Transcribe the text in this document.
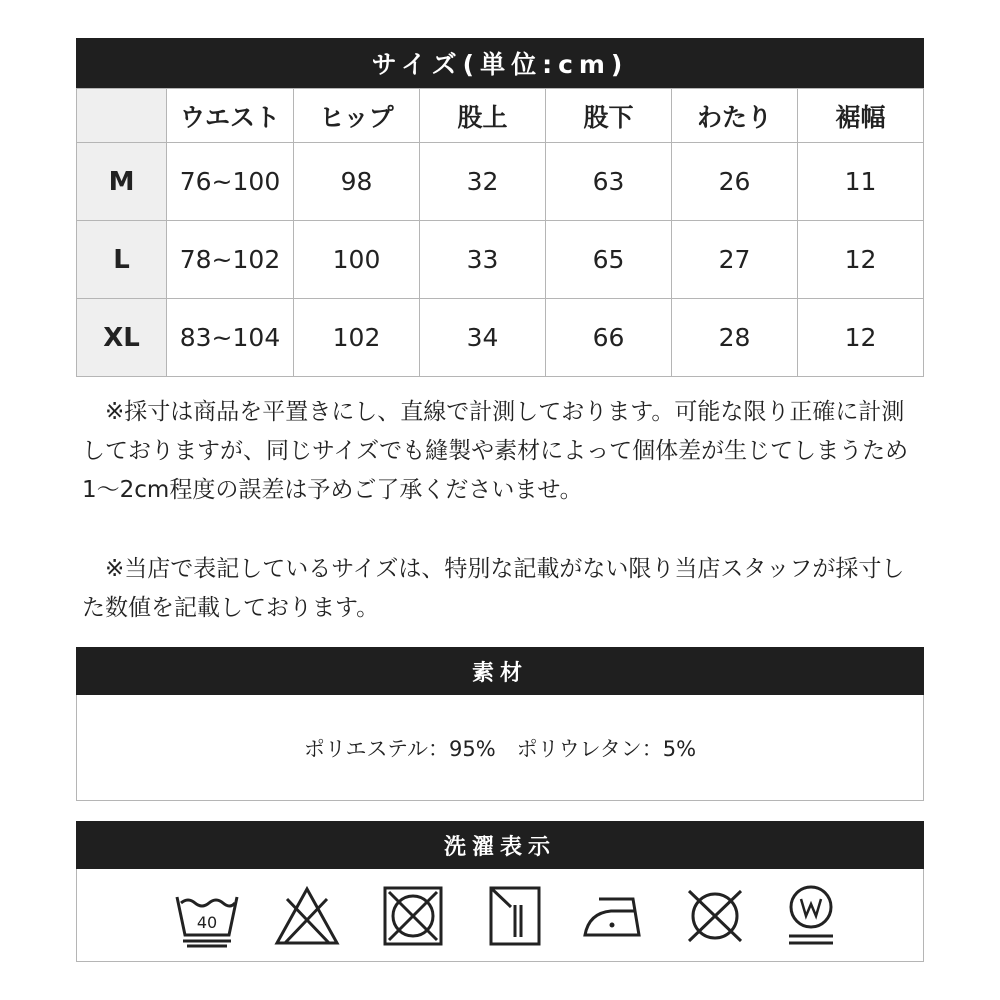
サイズ(単位:cm)
	ウエスト	ヒップ	股上	股下	わたり	裾幅
M	76~100	98	32	63	26	11
L	78~102	100	33	65	27	12
XL	83~104	102	34	66	28	12

　※採寸は商品を平置きにし、直線で計測しております。可能な限り正確に計測しておりますが、同じサイズでも縫製や素材によって個体差が生じてしまうため1～2cm程度の誤差は予めご了承くださいませ。

　※当店で表記しているサイズは、特別な記載がない限り当店スタッフが採寸した数値を記載しております。

素材
ポリエステル：95%　ポリウレタン：5%
洗濯表示
40
